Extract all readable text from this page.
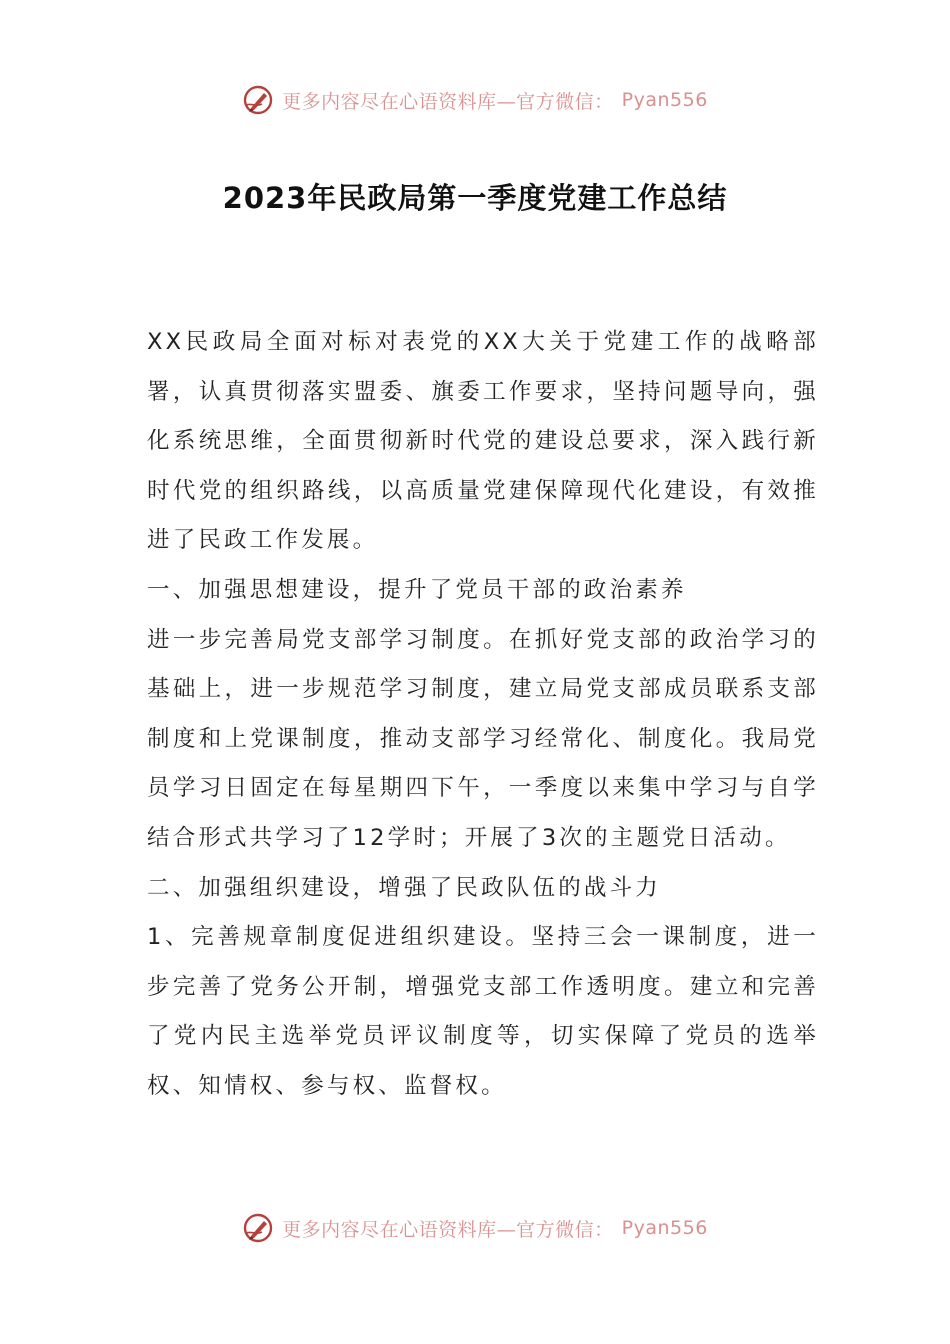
更多内容尽在心语资料库—官方微信： Pyan556
2023年民政局第一季度党建工作总结

XX民政局全面对标对表党的XX大关于党建工作的战略部署，认真贯彻落实盟委、旗委工作要求，坚持问题导向，强化系统思维，全面贯彻新时代党的建设总要求，深入践行新时代党的组织路线，以高质量党建保障现代化建设，有效推进了民政工作发展。

一、加强思想建设，提升了党员干部的政治素养

进一步完善局党支部学习制度。在抓好党支部的政治学习的基础上，进一步规范学习制度，建立局党支部成员联系支部制度和上党课制度，推动支部学习经常化、制度化。我局党员学习日固定在每星期四下午，一季度以来集中学习与自学结合形式共学习了12学时；开展了3次的主题党日活动。

二、加强组织建设，增强了民政队伍的战斗力

1、完善规章制度促进组织建设。坚持三会一课制度，进一步完善了党务公开制，增强党支部工作透明度。建立和完善了党内民主选举党员评议制度等，切实保障了党员的选举权、知情权、参与权、监督权。

更多内容尽在心语资料库—官方微信： Pyan556
